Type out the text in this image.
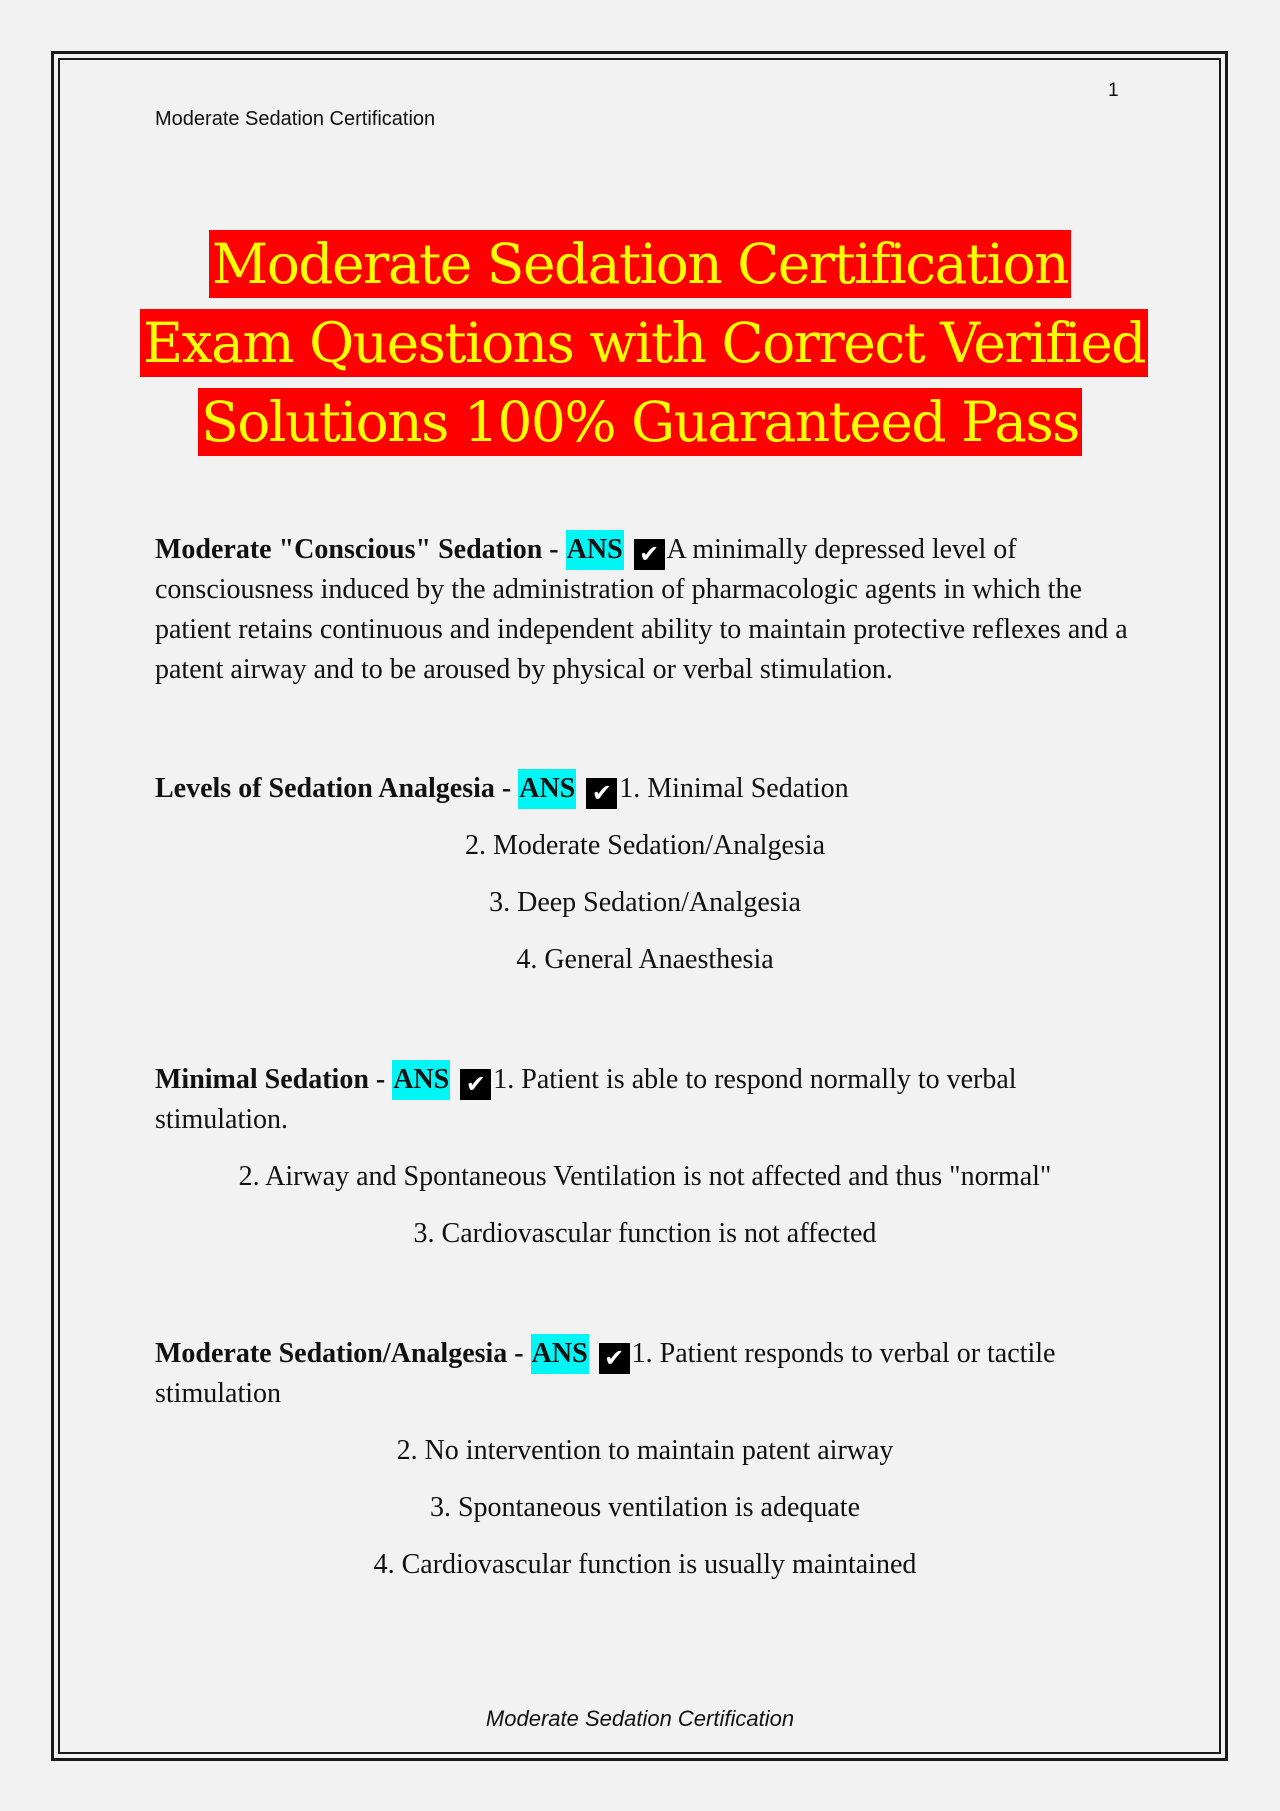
1
Moderate Sedation Certification
Moderate Sedation Certification
Exam Questions with Correct Verified
Solutions 100% Guaranteed Pass
Moderate "Conscious" Sedation - ANS ✔ A minimally depressed level of consciousness induced by the administration of pharmacologic agents in which the patient retains continuous and independent ability to maintain protective reflexes and a patent airway and to be aroused by physical or verbal stimulation.
Levels of Sedation Analgesia - ANS ✔ 1. Minimal Sedation
2. Moderate Sedation/Analgesia
3. Deep Sedation/Analgesia
4. General Anaesthesia
Minimal Sedation - ANS ✔ 1. Patient is able to respond normally to verbal stimulation.
2. Airway and Spontaneous Ventilation is not affected and thus "normal"
3. Cardiovascular function is not affected
Moderate Sedation/Analgesia - ANS ✔ 1. Patient responds to verbal or tactile stimulation
2. No intervention to maintain patent airway
3. Spontaneous ventilation is adequate
4. Cardiovascular function is usually maintained
Moderate Sedation Certification
